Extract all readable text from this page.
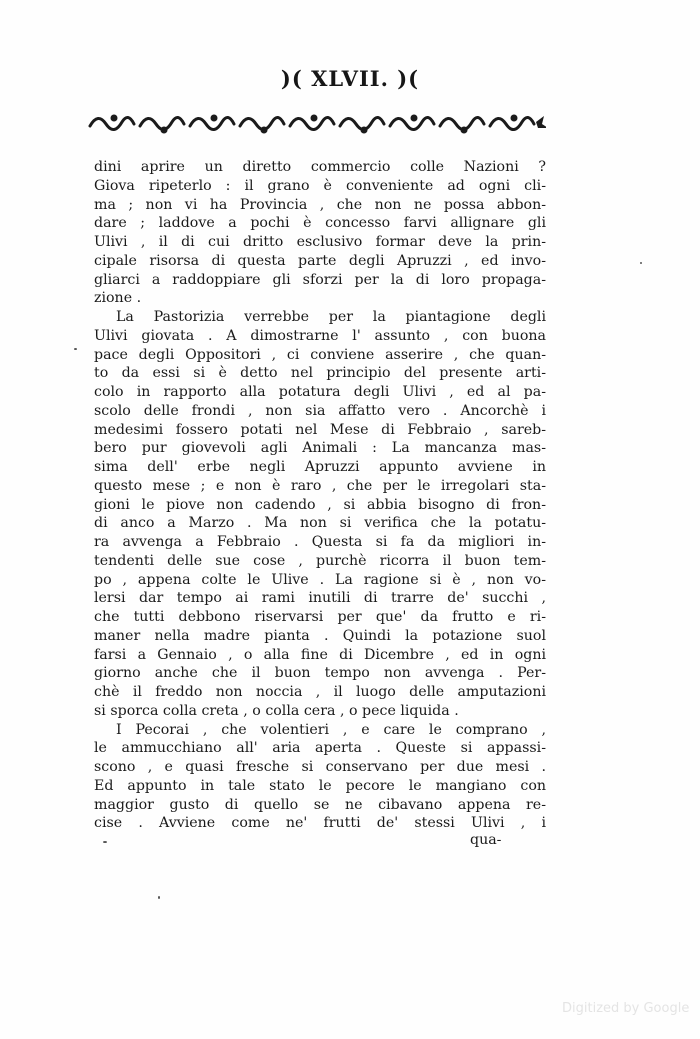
)( XLVII. )(
dini aprire un diretto commercio colle Nazioni ?
Giova ripeterlo : il grano è conveniente ad ogni cli-
ma ; non vi ha Provincia , che non ne possa abbon-
dare ; laddove a pochi è concesso farvi allignare gli
Ulivi , il di cui dritto esclusivo formar deve la prin-
cipale risorsa di questa parte degli Apruzzi , ed invo-
gliarci a raddoppiare gli sforzi per la di loro propaga-
zione .
La Pastorizia verrebbe per la piantagione degli
Ulivi giovata . A dimostrarne l' assunto , con buona
pace degli Oppositori , ci conviene asserire , che quan-
to da essi si è detto nel principio del presente arti-
colo in rapporto alla potatura degli Ulivi , ed al pa-
scolo delle frondi , non sia affatto vero . Ancorchè i
medesimi fossero potati nel Mese di Febbraio , sareb-
bero pur giovevoli agli Animali : La mancanza mas-
sima dell' erbe negli Apruzzi appunto avviene in
questo mese ; e non è raro , che per le irregolari sta-
gioni le piove non cadendo , si abbia bisogno di fron-
di anco a Marzo . Ma non si verifica che la potatu-
ra avvenga a Febbraio . Questa si fa da migliori in-
tendenti delle sue cose , purchè ricorra il buon tem-
po , appena colte le Ulive . La ragione si è , non vo-
lersi dar tempo ai rami inutili di trarre de' succhi ,
che tutti debbono riservarsi per que' da frutto e ri-
maner nella madre pianta . Quindi la potazione suol
farsi a Gennaio , o alla fine di Dicembre , ed in ogni
giorno anche che il buon tempo non avvenga . Per-
chè il freddo non noccia , il luogo delle amputazioni
si sporca colla creta , o colla cera , o pece liquida .
I Pecorai , che volentieri , e care le comprano ,
le ammucchiano all' aria aperta . Queste si appassi-
scono , e quasi fresche si conservano per due mesi .
Ed appunto in tale stato le pecore le mangiano con
maggior gusto di quello se ne cibavano appena re-
cise . Avviene come ne' frutti de' stessi Ulivi , i
qua-
Digitized by Google
